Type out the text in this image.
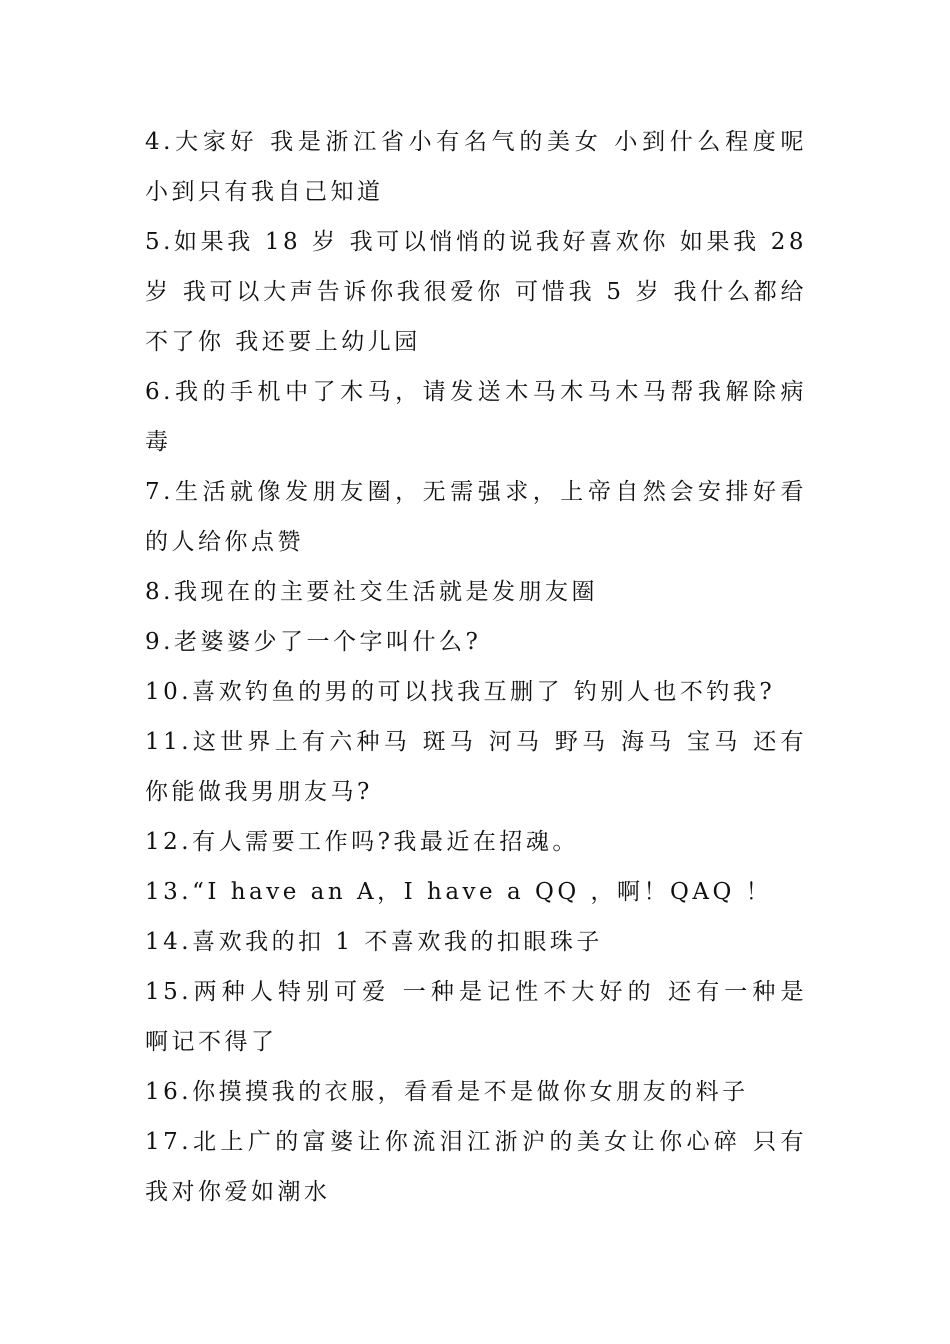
4.大家好 我是浙江省小有名气的美女 小到什么程度呢 小到只有我自己知道

5.如果我 18 岁 我可以悄悄的说我好喜欢你 如果我 28 岁 我可以大声告诉你我很爱你 可惜我 5 岁 我什么都给不了你 我还要上幼儿园

6.我的手机中了木马，请发送木马木马木马帮我解除病毒

7.生活就像发朋友圈，无需强求，上帝自然会安排好看的人给你点赞

8.我现在的主要社交生活就是发朋友圈

9.老婆婆少了一个字叫什么?

10.喜欢钓鱼的男的可以找我互删了 钓别人也不钓我?

11.这世界上有六种马 斑马 河马 野马 海马 宝马 还有你能做我男朋友马?

12.有人需要工作吗?我最近在招魂。

13.“I have an A，I have a QQ ，啊！QAQ ！

14.喜欢我的扣 1 不喜欢我的扣眼珠子

15.两种人特别可爱 一种是记性不大好的 还有一种是 啊记不得了

16.你摸摸我的衣服，看看是不是做你女朋友的料子

17.北上广的富婆让你流泪江浙沪的美女让你心碎 只有我对你爱如潮水
